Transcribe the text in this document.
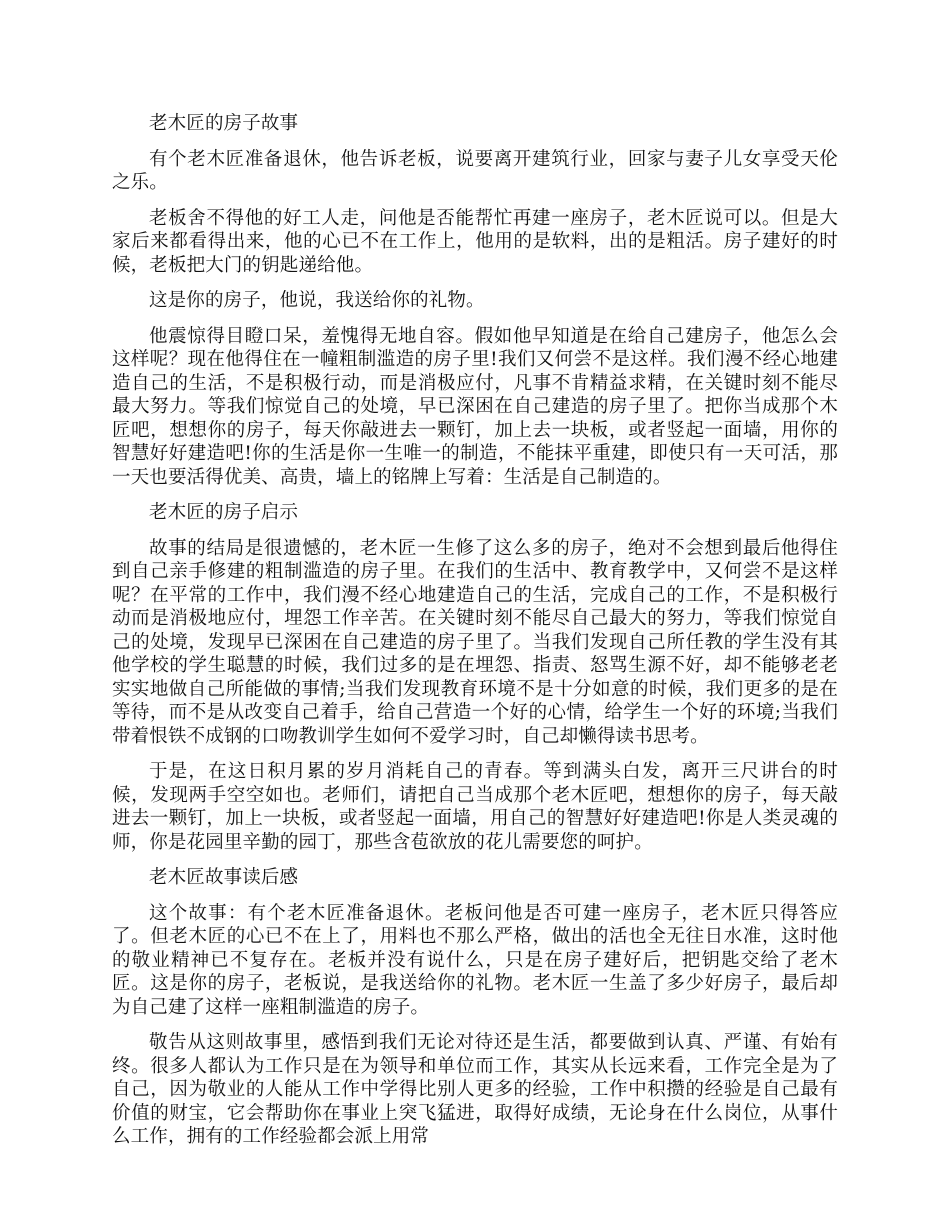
老木匠的房子故事

有个老木匠准备退休，他告诉老板，说要离开建筑行业，回家与妻子儿女享受天伦之乐。

老板舍不得他的好工人走，问他是否能帮忙再建一座房子，老木匠说可以。但是大家后来都看得出来，他的心已不在工作上，他用的是软料，出的是粗活。房子建好的时候，老板把大门的钥匙递给他。

这是你的房子，他说，我送给你的礼物。

他震惊得目瞪口呆，羞愧得无地自容。假如他早知道是在给自己建房子，他怎么会这样呢？现在他得住在一幢粗制滥造的房子里!我们又何尝不是这样。我们漫不经心地建造自己的生活，不是积极行动，而是消极应付，凡事不肯精益求精，在关键时刻不能尽最大努力。等我们惊觉自己的处境，早已深困在自己建造的房子里了。把你当成那个木匠吧，想想你的房子，每天你敲进去一颗钉，加上去一块板，或者竖起一面墙，用你的智慧好好建造吧!你的生活是你一生唯一的制造，不能抹平重建，即使只有一天可活，那一天也要活得优美、高贵，墙上的铭牌上写着：生活是自己制造的。

老木匠的房子启示

故事的结局是很遗憾的，老木匠一生修了这么多的房子，绝对不会想到最后他得住到自己亲手修建的粗制滥造的房子里。在我们的生活中、教育教学中，又何尝不是这样呢？在平常的工作中，我们漫不经心地建造自己的生活，完成自己的工作，不是积极行动而是消极地应付，埋怨工作辛苦。在关键时刻不能尽自己最大的努力，等我们惊觉自己的处境，发现早已深困在自己建造的房子里了。当我们发现自己所任教的学生没有其他学校的学生聪慧的时候，我们过多的是在埋怨、指责、怒骂生源不好，却不能够老老实实地做自己所能做的事情;当我们发现教育环境不是十分如意的时候，我们更多的是在等待，而不是从改变自己着手，给自己营造一个好的心情，给学生一个好的环境;当我们带着恨铁不成钢的口吻教训学生如何不爱学习时，自己却懒得读书思考。

于是，在这日积月累的岁月消耗自己的青春。等到满头白发，离开三尺讲台的时候，发现两手空空如也。老师们，请把自己当成那个老木匠吧，想想你的房子，每天敲进去一颗钉，加上一块板，或者竖起一面墙，用自己的智慧好好建造吧!你是人类灵魂的师，你是花园里辛勤的园丁，那些含苞欲放的花儿需要您的呵护。

老木匠故事读后感

这个故事：有个老木匠准备退休。老板问他是否可建一座房子，老木匠只得答应了。但老木匠的心已不在上了，用料也不那么严格，做出的活也全无往日水准，这时他的敬业精神已不复存在。老板并没有说什么，只是在房子建好后，把钥匙交给了老木匠。这是你的房子，老板说，是我送给你的礼物。老木匠一生盖了多少好房子，最后却为自己建了这样一座粗制滥造的房子。

敬告从这则故事里，感悟到我们无论对待还是生活，都要做到认真、严谨、有始有终。很多人都认为工作只是在为领导和单位而工作，其实从长远来看，工作完全是为了自己，因为敬业的人能从工作中学得比别人更多的经验，工作中积攒的经验是自己最有价值的财宝，它会帮助你在事业上突飞猛进，取得好成绩，无论身在什么岗位，从事什么工作，拥有的工作经验都会派上用常
